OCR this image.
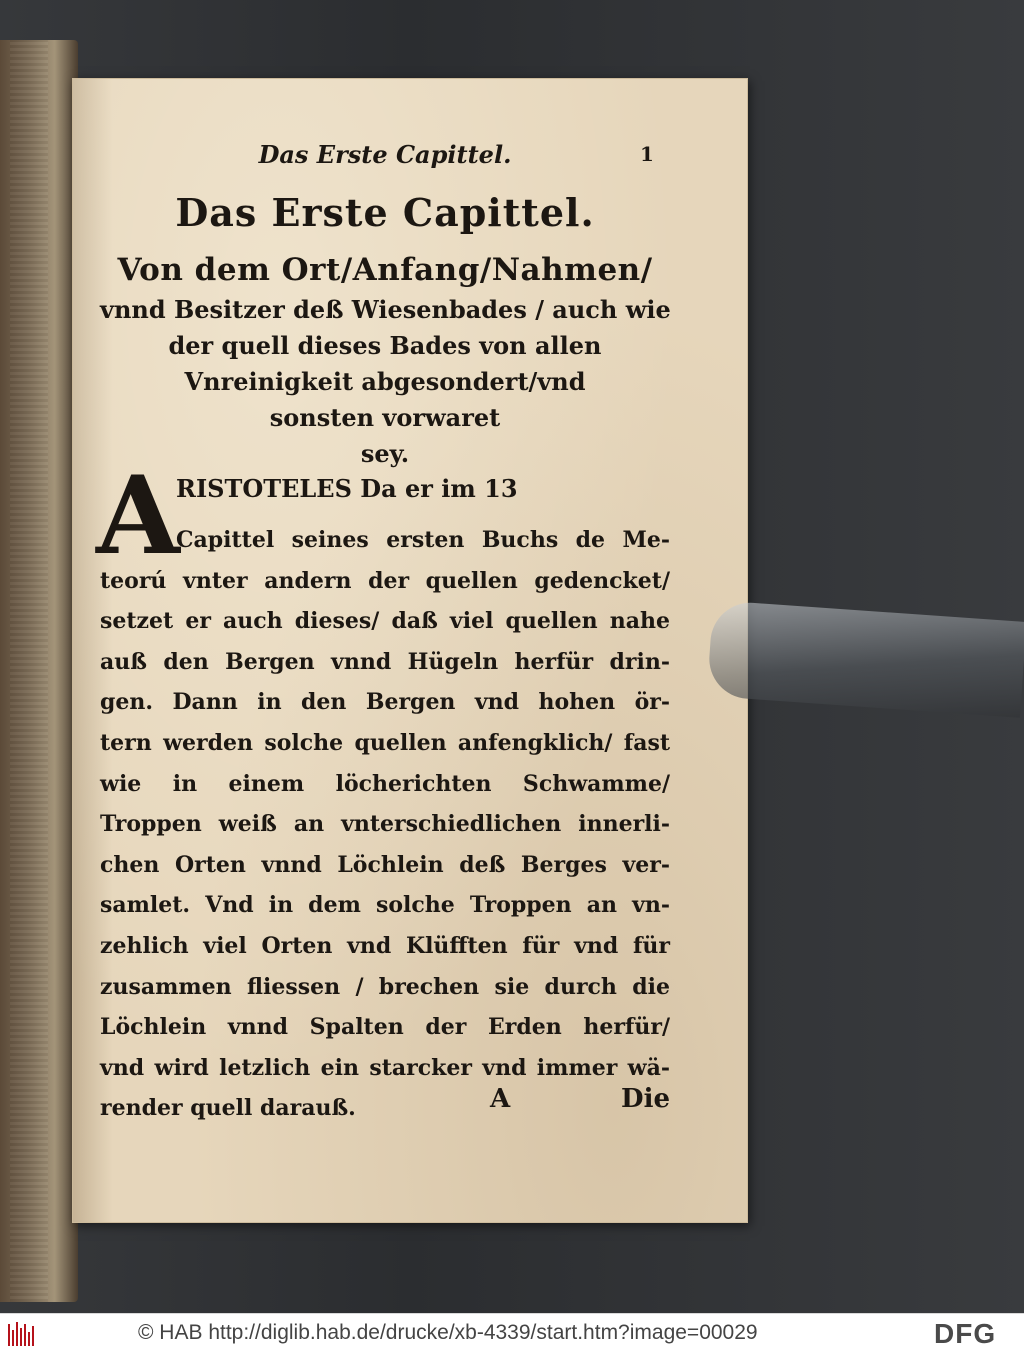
Das Erste Capittel.	1
Das Erste Capittel.
Von dem Ort/Anfang/Nahmen/
vnnd Besitzer deß Wiesenbades / auch wie
der quell dieses Bades von allen
Vnreinigkeit abgesondert/vnd
sonsten vorwaret
sey.
A
RISTOTELES Da er im 13
Capittel seines ersten Buchs de Me-
teorú vnter andern der quellen gedencket/
setzet er auch dieses/ daß viel quellen nahe
auß den Bergen vnnd Hügeln herfür drin-
gen. Dann in den Bergen vnd hohen ör-
tern werden solche quellen anfengklich/ fast
wie in einem löcherichten Schwamme/
Troppen weiß an vnterschiedlichen innerli-
chen Orten vnnd Löchlein deß Berges ver-
samlet. Vnd in dem solche Troppen an vn-
zehlich viel Orten vnd Klüfften für vnd für
zusammen fliessen / brechen sie durch die
Löchlein vnnd Spalten der Erden herfür/
vnd wird letzlich ein starcker vnd immer wä-
render quell darauß.	A	Die
© HAB http://diglib.hab.de/drucke/xb-4339/start.htm?image=00029	DFG
